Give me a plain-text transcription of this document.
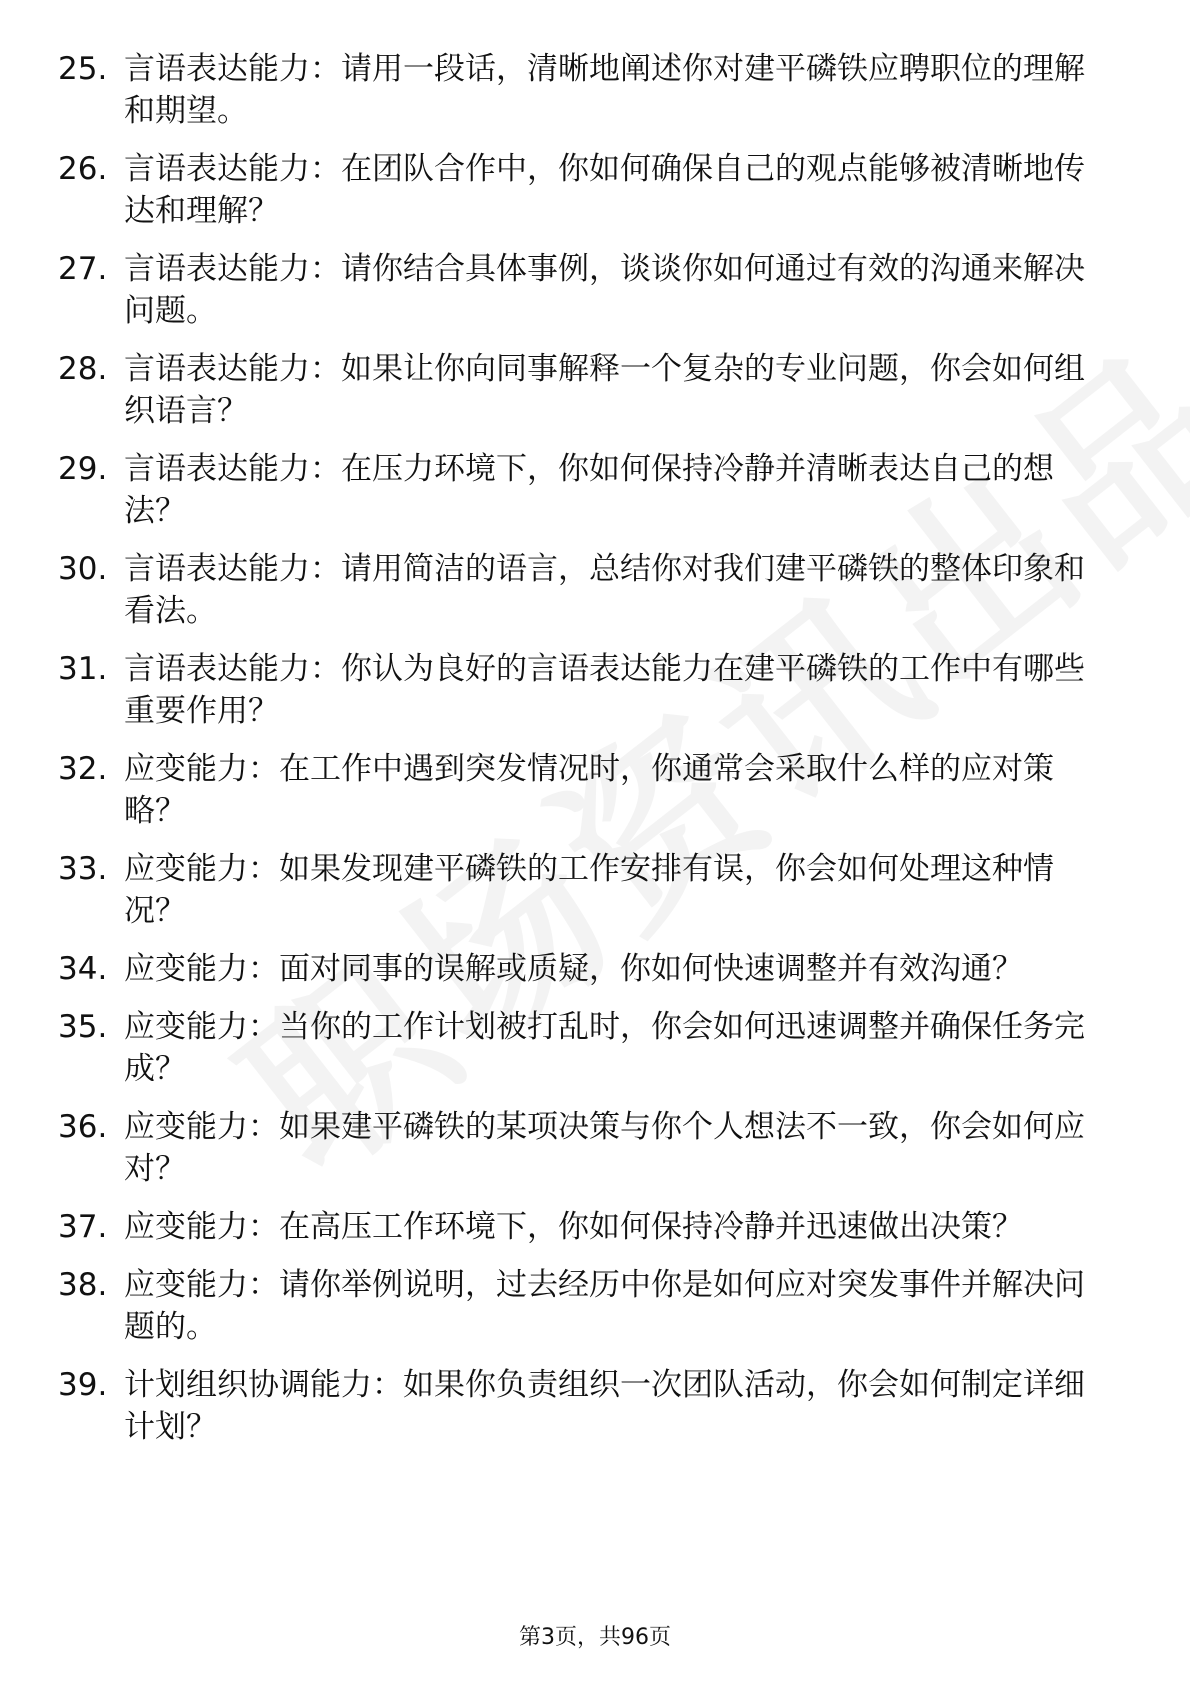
25. 言语表达能力：请用一段话，清晰地阐述你对建平磷铁应聘职位的理解和期望。
26. 言语表达能力：在团队合作中，你如何确保自己的观点能够被清晰地传达和理解？
27. 言语表达能力：请你结合具体事例，谈谈你如何通过有效的沟通来解决问题。
28. 言语表达能力：如果让你向同事解释一个复杂的专业问题，你会如何组织语言？
29. 言语表达能力：在压力环境下，你如何保持冷静并清晰表达自己的想法？
30. 言语表达能力：请用简洁的语言，总结你对我们建平磷铁的整体印象和看法。
31. 言语表达能力：你认为良好的言语表达能力在建平磷铁的工作中有哪些重要作用？
32. 应变能力：在工作中遇到突发情况时，你通常会采取什么样的应对策略？
33. 应变能力：如果发现建平磷铁的工作安排有误，你会如何处理这种情况？
34. 应变能力：面对同事的误解或质疑，你如何快速调整并有效沟通？
35. 应变能力：当你的工作计划被打乱时，你会如何迅速调整并确保任务完成？
36. 应变能力：如果建平磷铁的某项决策与你个人想法不一致，你会如何应对？
37. 应变能力：在高压工作环境下，你如何保持冷静并迅速做出决策？
38. 应变能力：请你举例说明，过去经历中你是如何应对突发事件并解决问题的。
39. 计划组织协调能力：如果你负责组织一次团队活动，你会如何制定详细计划？
第3页，共96页
